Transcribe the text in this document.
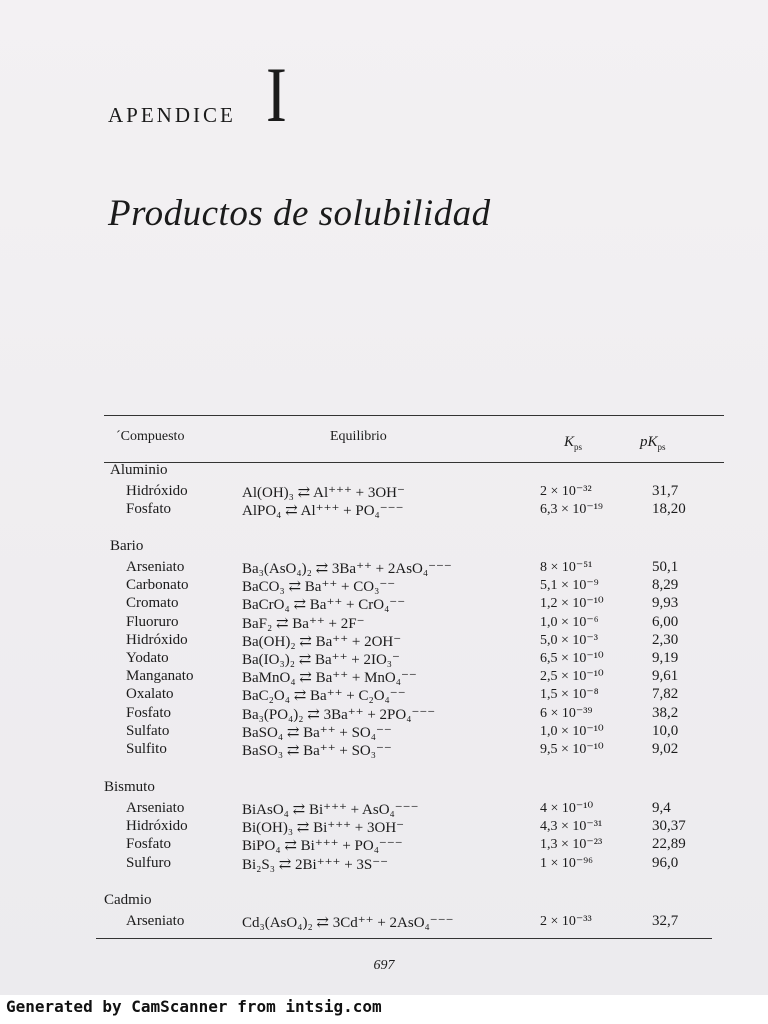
APENDICE I
Productos de solubilidad
´Compuesto	Equilibrio	$K_{ps}$	$pK_{ps}$
Aluminio
Hidróxido	Al(OH)₃ ⇄ Al⁺⁺⁺ + 3OH⁻	2 × 10⁻³²	31,7
Fosfato	AlPO₄ ⇄ Al⁺⁺⁺ + PO₄⁻⁻⁻	6,3 × 10⁻¹⁹	18,20
Bario
Arseniato	Ba₃(AsO₄)₂ ⇄ 3Ba⁺⁺ + 2AsO₄⁻⁻⁻	8 × 10⁻⁵¹	50,1
Carbonato	BaCO₃ ⇄ Ba⁺⁺ + CO₃⁻⁻	5,1 × 10⁻⁹	8,29
Cromato	BaCrO₄ ⇄ Ba⁺⁺ + CrO₄⁻⁻	1,2 × 10⁻¹⁰	9,93
Fluoruro	BaF₂ ⇄ Ba⁺⁺ + 2F⁻	1,0 × 10⁻⁶	6,00
Hidróxido	Ba(OH)₂ ⇄ Ba⁺⁺ + 2OH⁻	5,0 × 10⁻³	2,30
Yodato	Ba(IO₃)₂ ⇄ Ba⁺⁺ + 2IO₃⁻	6,5 × 10⁻¹⁰	9,19
Manganato	BaMnO₄ ⇄ Ba⁺⁺ + MnO₄⁻⁻	2,5 × 10⁻¹⁰	9,61
Oxalato	BaC₂O₄ ⇄ Ba⁺⁺ + C₂O₄⁻⁻	1,5 × 10⁻⁸	7,82
Fosfato	Ba₃(PO₄)₂ ⇄ 3Ba⁺⁺ + 2PO₄⁻⁻⁻	6 × 10⁻³⁹	38,2
Sulfato	BaSO₄ ⇄ Ba⁺⁺ + SO₄⁻⁻	1,0 × 10⁻¹⁰	10,0
Sulfito	BaSO₃ ⇄ Ba⁺⁺ + SO₃⁻⁻	9,5 × 10⁻¹⁰	9,02
Bismuto
Arseniato	BiAsO₄ ⇄ Bi⁺⁺⁺ + AsO₄⁻⁻⁻	4 × 10⁻¹⁰	9,4
Hidróxido	Bi(OH)₃ ⇄ Bi⁺⁺⁺ + 3OH⁻	4,3 × 10⁻³¹	30,37
Fosfato	BiPO₄ ⇄ Bi⁺⁺⁺ + PO₄⁻⁻⁻	1,3 × 10⁻²³	22,89
Sulfuro	Bi₂S₃ ⇄ 2Bi⁺⁺⁺ + 3S⁻⁻	1 × 10⁻⁹⁶	96,0
Cadmio
Arseniato	Cd₃(AsO₄)₂ ⇄ 3Cd⁺⁺ + 2AsO₄⁻⁻⁻	2 × 10⁻³³	32,7
697
Generated by CamScanner from intsig.com
